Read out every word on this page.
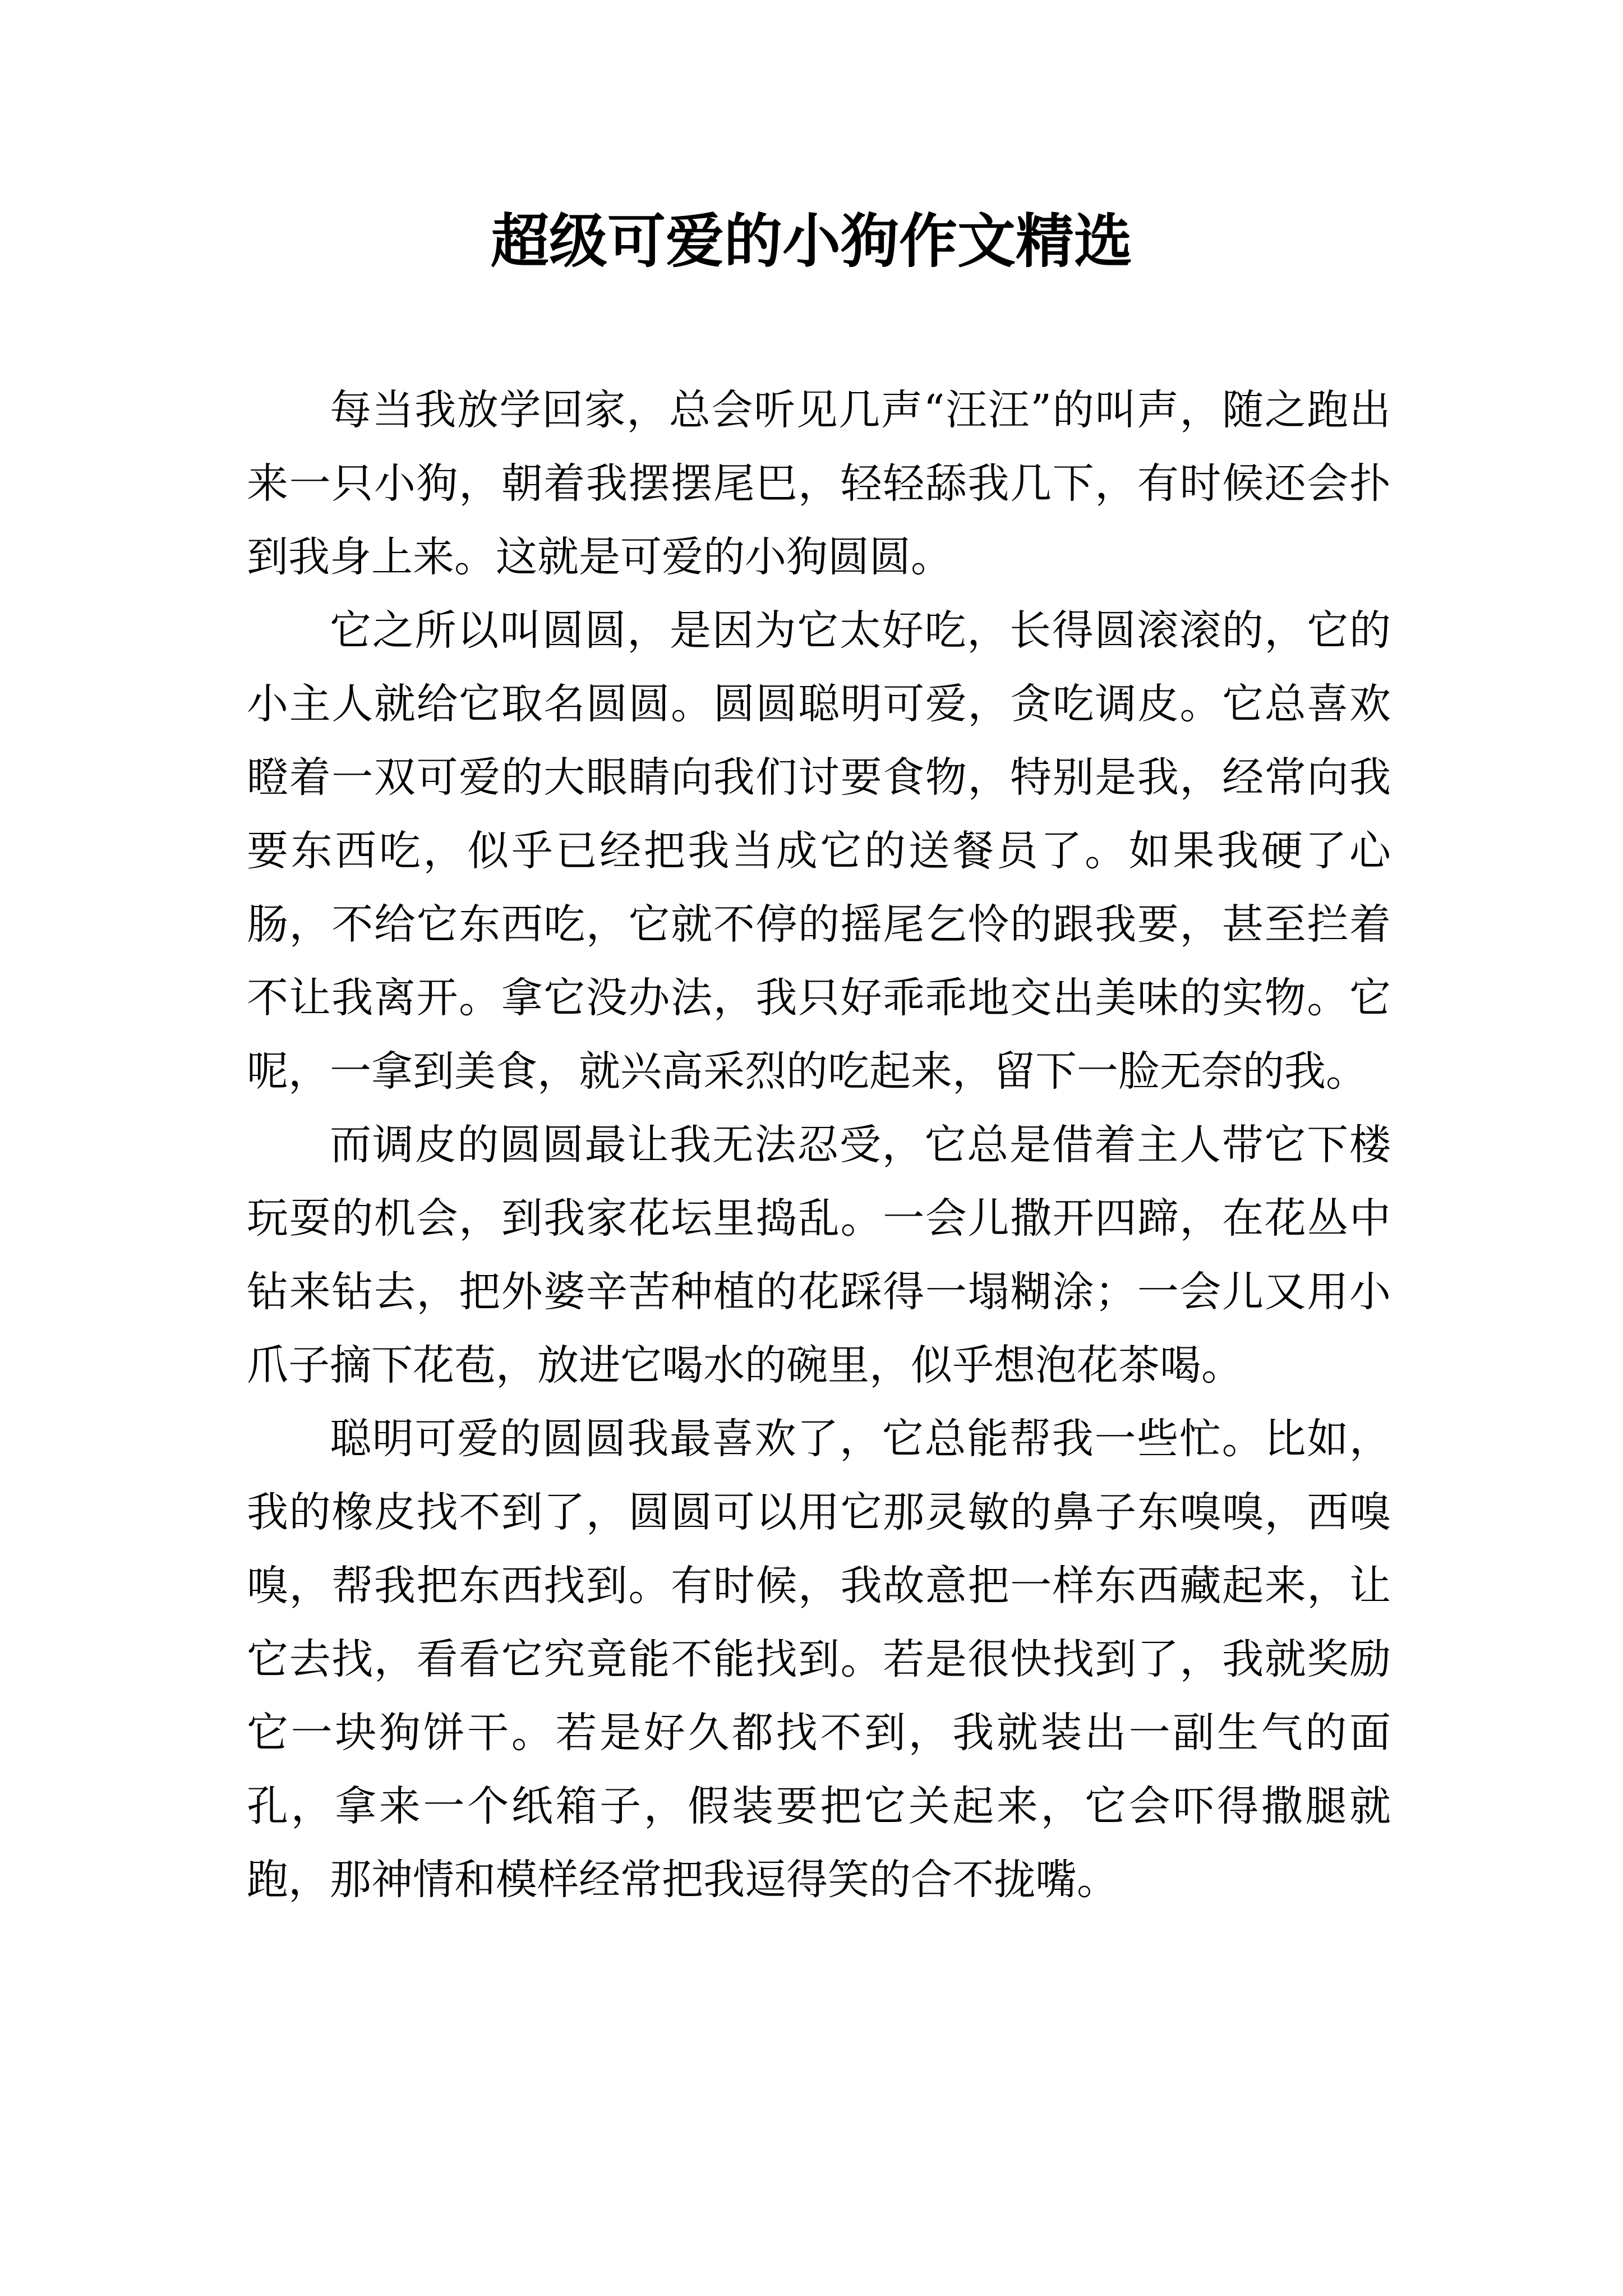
超级可爱的小狗作文精选

每当我放学回家，总会听见几声“汪汪”的叫声，随之跑出来一只小狗，朝着我摆摆尾巴，轻轻舔我几下，有时候还会扑到我身上来。这就是可爱的小狗圆圆。

它之所以叫圆圆，是因为它太好吃，长得圆滚滚的，它的小主人就给它取名圆圆。圆圆聪明可爱，贪吃调皮。它总喜欢瞪着一双可爱的大眼睛向我们讨要食物，特别是我，经常向我要东西吃，似乎已经把我当成它的送餐员了。如果我硬了心肠，不给它东西吃，它就不停的摇尾乞怜的跟我要，甚至拦着不让我离开。拿它没办法，我只好乖乖地交出美味的实物。它呢，一拿到美食，就兴高采烈的吃起来，留下一脸无奈的我。

而调皮的圆圆最让我无法忍受，它总是借着主人带它下楼玩耍的机会，到我家花坛里捣乱。一会儿撒开四蹄，在花丛中钻来钻去，把外婆辛苦种植的花踩得一塌糊涂；一会儿又用小爪子摘下花苞，放进它喝水的碗里，似乎想泡花茶喝。

聪明可爱的圆圆我最喜欢了，它总能帮我一些忙。比如，我的橡皮找不到了，圆圆可以用它那灵敏的鼻子东嗅嗅，西嗅嗅，帮我把东西找到。有时候，我故意把一样东西藏起来，让它去找，看看它究竟能不能找到。若是很快找到了，我就奖励它一块狗饼干。若是好久都找不到，我就装出一副生气的面孔，拿来一个纸箱子，假装要把它关起来，它会吓得撒腿就跑，那神情和模样经常把我逗得笑的合不拢嘴。
